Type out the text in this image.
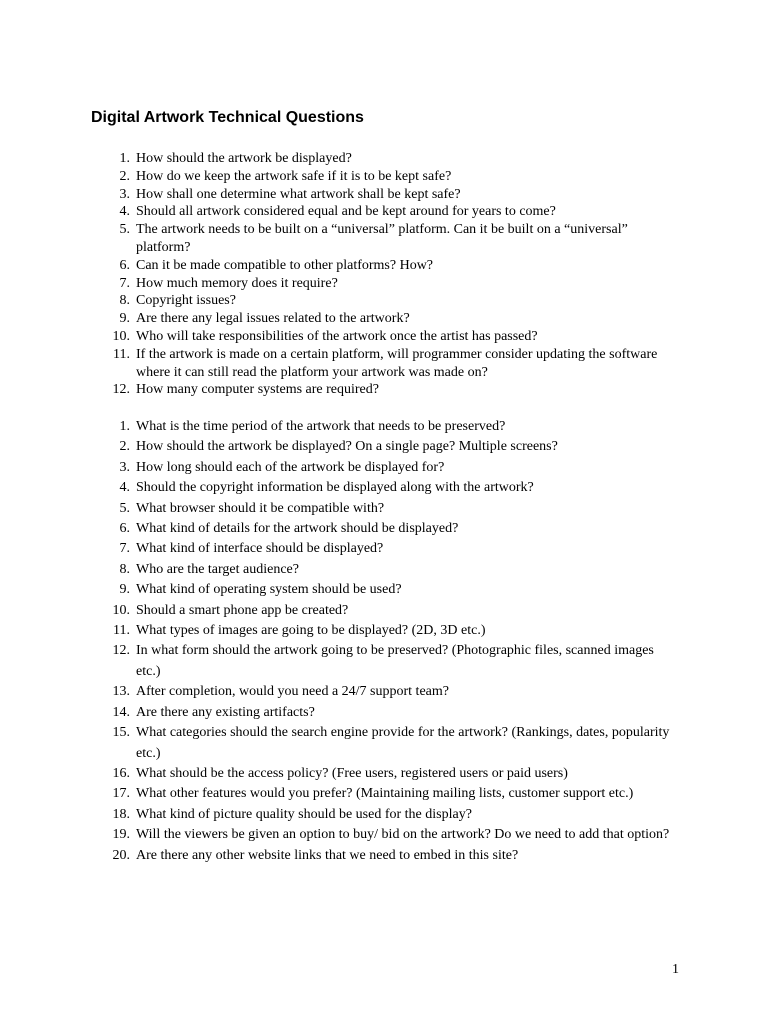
Digital Artwork Technical Questions
1. How should the artwork be displayed?
2. How do we keep the artwork safe if it is to be kept safe?
3. How shall one determine what artwork shall be kept safe?
4. Should all artwork considered equal and be kept around for years to come?
5. The artwork needs to be built on a “universal” platform. Can it be built on a “universal” platform?
6. Can it be made compatible to other platforms? How?
7. How much memory does it require?
8. Copyright issues?
9. Are there any legal issues related to the artwork?
10. Who will take responsibilities of the artwork once the artist has passed?
11. If the artwork is made on a certain platform, will programmer consider updating the software where it can still read the platform your artwork was made on?
12. How many computer systems are required?
1. What is the time period of the artwork that needs to be preserved?
2. How should the artwork be displayed? On a single page? Multiple screens?
3. How long should each of the artwork be displayed for?
4. Should the copyright information be displayed along with the artwork?
5. What browser should it be compatible with?
6. What kind of details for the artwork should be displayed?
7. What kind of interface should be displayed?
8. Who are the target audience?
9. What kind of operating system should be used?
10. Should a smart phone app be created?
11. What types of images are going to be displayed? (2D, 3D etc.)
12. In what form should the artwork going to be preserved? (Photographic files, scanned images etc.)
13. After completion, would you need a 24/7 support team?
14. Are there any existing artifacts?
15. What categories should the search engine provide for the artwork? (Rankings, dates, popularity etc.)
16. What should be the access policy? (Free users, registered users or paid users)
17. What other features would you prefer? (Maintaining mailing lists, customer support etc.)
18. What kind of picture quality should be used for the display?
19. Will the viewers be given an option to buy/ bid on the artwork? Do we need to add that option?
20. Are there any other website links that we need to embed in this site?
1
